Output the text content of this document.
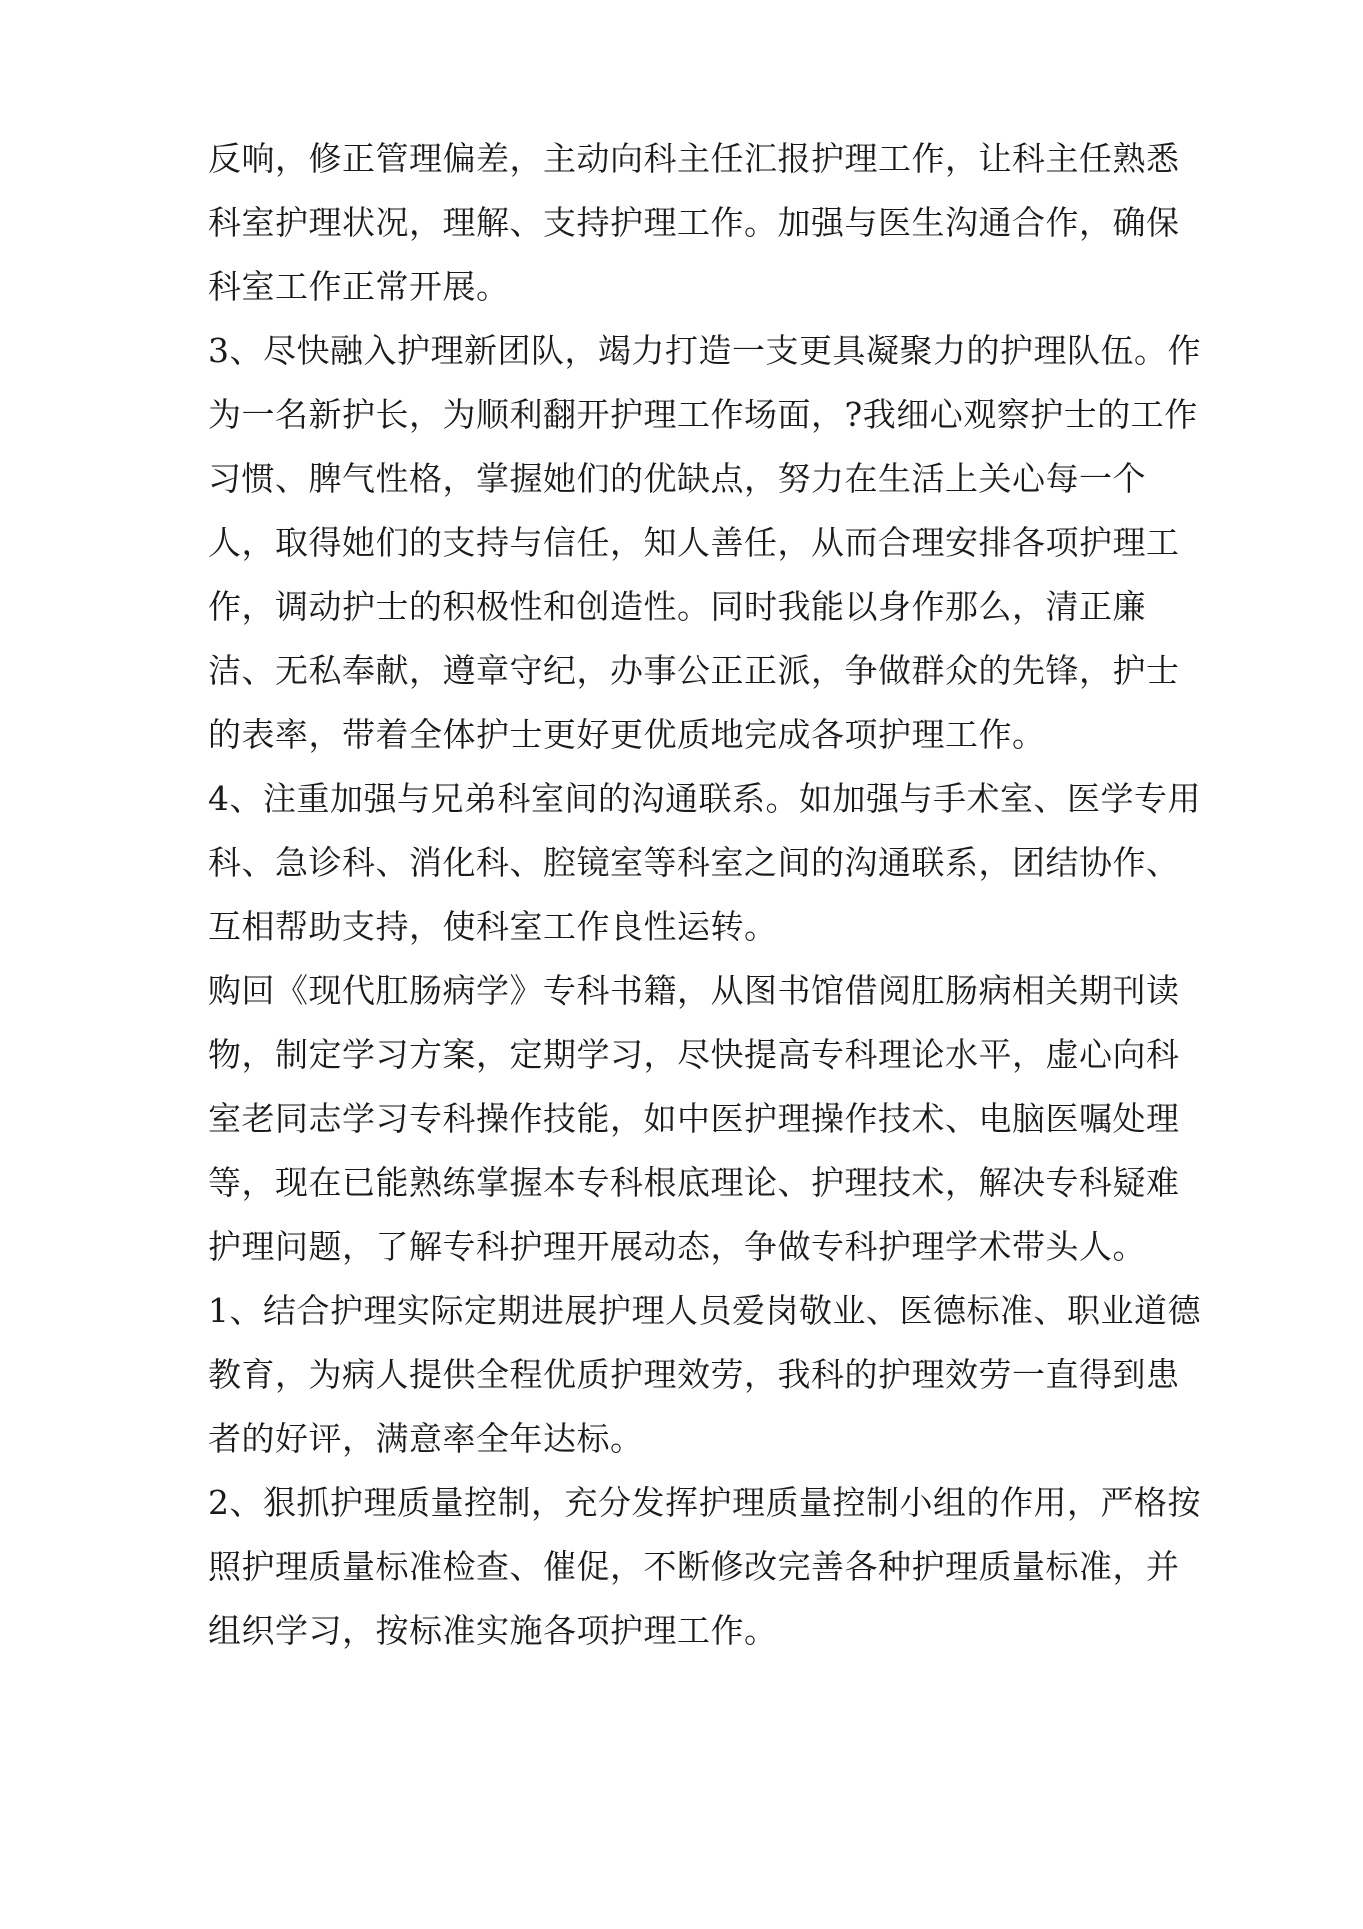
反响，修正管理偏差，主动向科主任汇报护理工作，让科主任熟悉
科室护理状况，理解、支持护理工作。加强与医生沟通合作，确保
科室工作正常开展。
3、尽快融入护理新团队，竭力打造一支更具凝聚力的护理队伍。作
为一名新护长，为顺利翻开护理工作场面，?我细心观察护士的工作
习惯、脾气性格，掌握她们的优缺点，努力在生活上关心每一个
人，取得她们的支持与信任，知人善任，从而合理安排各项护理工
作，调动护士的积极性和创造性。同时我能以身作那么，清正廉
洁、无私奉献，遵章守纪，办事公正正派，争做群众的先锋，护士
的表率，带着全体护士更好更优质地完成各项护理工作。
4、注重加强与兄弟科室间的沟通联系。如加强与手术室、医学专用
科、急诊科、消化科、腔镜室等科室之间的沟通联系，团结协作、
互相帮助支持，使科室工作良性运转。
购回《现代肛肠病学》专科书籍，从图书馆借阅肛肠病相关期刊读
物，制定学习方案，定期学习，尽快提高专科理论水平，虚心向科
室老同志学习专科操作技能，如中医护理操作技术、电脑医嘱处理
等，现在已能熟练掌握本专科根底理论、护理技术，解决专科疑难
护理问题，了解专科护理开展动态，争做专科护理学术带头人。
1、结合护理实际定期进展护理人员爱岗敬业、医德标准、职业道德
教育，为病人提供全程优质护理效劳，我科的护理效劳一直得到患
者的好评，满意率全年达标。
2、狠抓护理质量控制，充分发挥护理质量控制小组的作用，严格按
照护理质量标准检查、催促，不断修改完善各种护理质量标准，并
组织学习，按标准实施各项护理工作。
